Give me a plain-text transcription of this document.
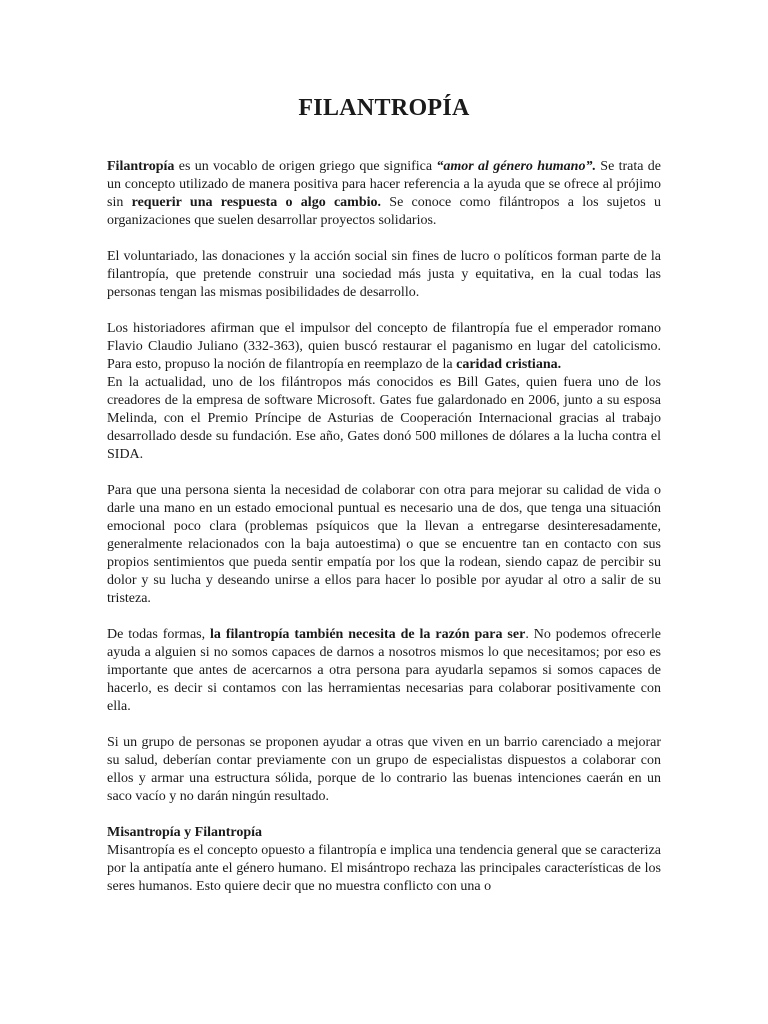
FILANTROPÍA

Filantropía es un vocablo de origen griego que significa “amor al género humano”. Se trata de un concepto utilizado de manera positiva para hacer referencia a la ayuda que se ofrece al prójimo sin requerir una respuesta o algo cambio. Se conoce como filántropos a los sujetos u organizaciones que suelen desarrollar proyectos solidarios.

El voluntariado, las donaciones y la acción social sin fines de lucro o políticos forman parte de la filantropía, que pretende construir una sociedad más justa y equitativa, en la cual todas las personas tengan las mismas posibilidades de desarrollo.

Los historiadores afirman que el impulsor del concepto de filantropía fue el emperador romano Flavio Claudio Juliano (332-363), quien buscó restaurar el paganismo en lugar del catolicismo. Para esto, propuso la noción de filantropía en reemplazo de la caridad cristiana.

En la actualidad, uno de los filántropos más conocidos es Bill Gates, quien fuera uno de los creadores de la empresa de software Microsoft. Gates fue galardonado en 2006, junto a su esposa Melinda, con el Premio Príncipe de Asturias de Cooperación Internacional gracias al trabajo desarrollado desde su fundación. Ese año, Gates donó 500 millones de dólares a la lucha contra el SIDA.

Para que una persona sienta la necesidad de colaborar con otra para mejorar su calidad de vida o darle una mano en un estado emocional puntual es necesario una de dos, que tenga una situación emocional poco clara (problemas psíquicos que la llevan a entregarse desinteresadamente, generalmente relacionados con la baja autoestima) o que se encuentre tan en contacto con sus propios sentimientos que pueda sentir empatía por los que la rodean, siendo capaz de percibir su dolor y su lucha y deseando unirse a ellos para hacer lo posible por ayudar al otro a salir de su tristeza.

De todas formas, la filantropía también necesita de la razón para ser. No podemos ofrecerle ayuda a alguien si no somos capaces de darnos a nosotros mismos lo que necesitamos; por eso es importante que antes de acercarnos a otra persona para ayudarla sepamos si somos capaces de hacerlo, es decir si contamos con las herramientas necesarias para colaborar positivamente con ella.

Si un grupo de personas se proponen ayudar a otras que viven en un barrio carenciado a mejorar su salud, deberían contar previamente con un grupo de especialistas dispuestos a colaborar con ellos y armar una estructura sólida, porque de lo contrario las buenas intenciones caerán en un saco vacío y no darán ningún resultado.

Misantropía y Filantropía

Misantropía es el concepto opuesto a filantropía e implica una tendencia general que se caracteriza por la antipatía ante el género humano. El misántropo rechaza las principales características de los seres humanos. Esto quiere decir que no muestra conflicto con una o
